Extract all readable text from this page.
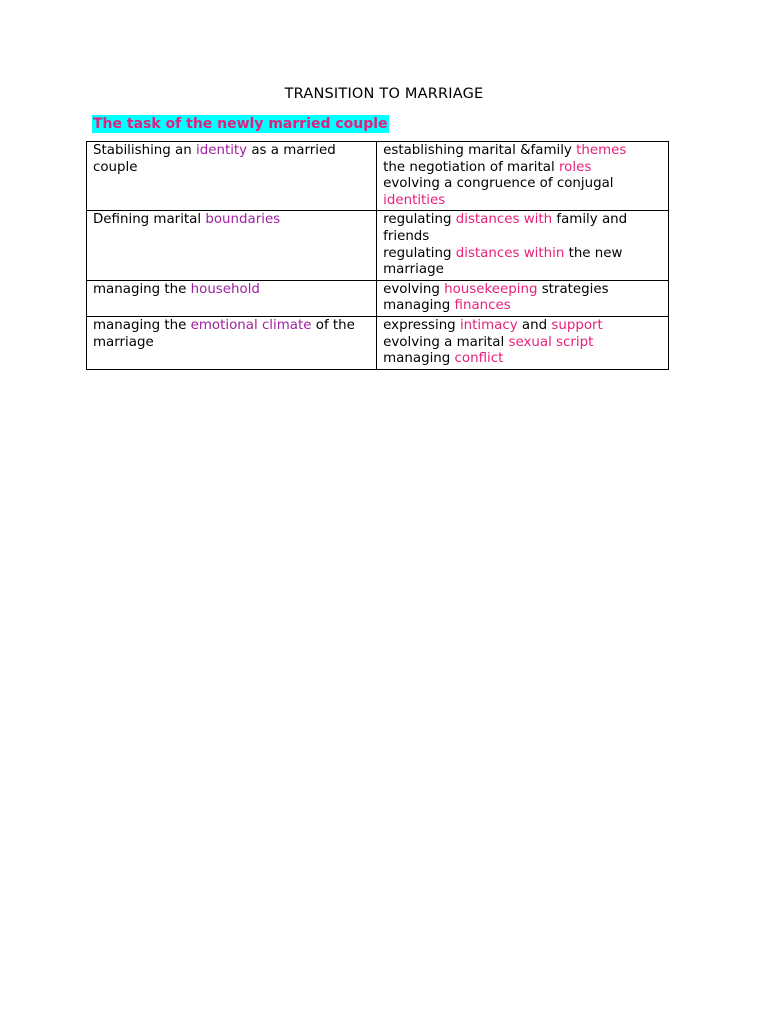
TRANSITION TO MARRIAGE
The task of the newly married couple
Stabilishing an identity as a married couple	establishing marital &family themes
the negotiation of marital roles
evolving a congruence of conjugal
identities

Defining marital boundaries	regulating distances with family and friends
regulating distances within the new marriage
managing the household	evolving housekeeping strategies
managing finances

managing the emotional climate of the marriage	expressing intimacy and support
evolving a marital sexual script
managing conflict
